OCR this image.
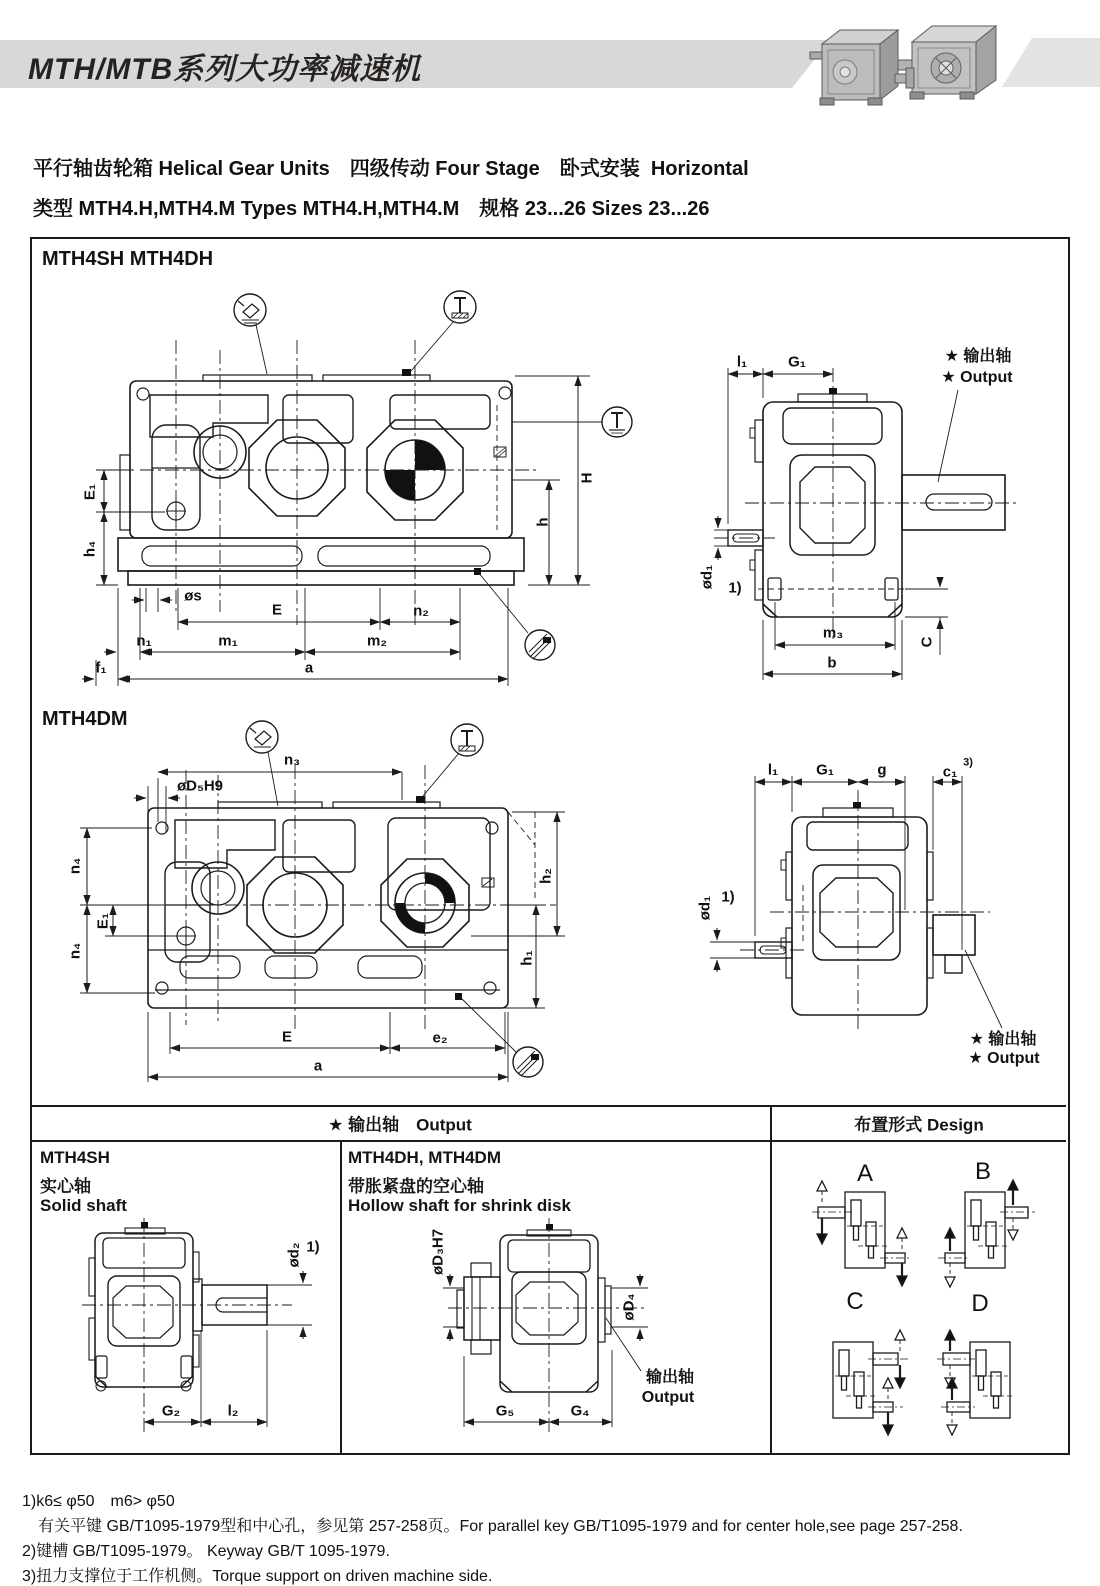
MTH/MTB系列大功率减速机
平行轴齿轮箱 Helical Gear Units　四级传动 Four Stage　卧式安装  Horizontal
类型 MTH4.H,MTH4.M Types MTH4.H,MTH4.M　规格 23...26 Sizes 23...26
MTH4SH MTH4DH
MTH4DM
★ 输出轴　Output	布置形式 Design
MTH4SH
实心轴
Solid shaft
MTH4DH, MTH4DM
带胀紧盘的空心轴
Hollow shaft for shrink disk
E₁
h₄
øs
E	n₂
n₁	m₁	m₂
f₁	a
H
h
l₁	G₁
ød₁ 1)
m₃
b
C
★ 输出轴
★ Output
n₃
øD₅H9
n₄
E₁
n₄
h₂
h₁
E	e₂
a
l₁	G₁	g	c₁
3)
ød₁ 1)
★ 输出轴
★ Output
ød₂ 1)
G₂	l₂
øD₃H7
øD₄
G₅	G₄
输出轴
Output
A	B
C	D
1)k6≤ φ50　m6> φ50
　有关平键 GB/T1095-1979型和中心孔，参见第 257-258页。For parallel key GB/T1095-1979 and for center hole,see page 257-258.
2)键槽 GB/T1095-1979。 Keyway GB/T 1095-1979.
3)扭力支撑位于工作机侧。Torque support on driven machine side.
